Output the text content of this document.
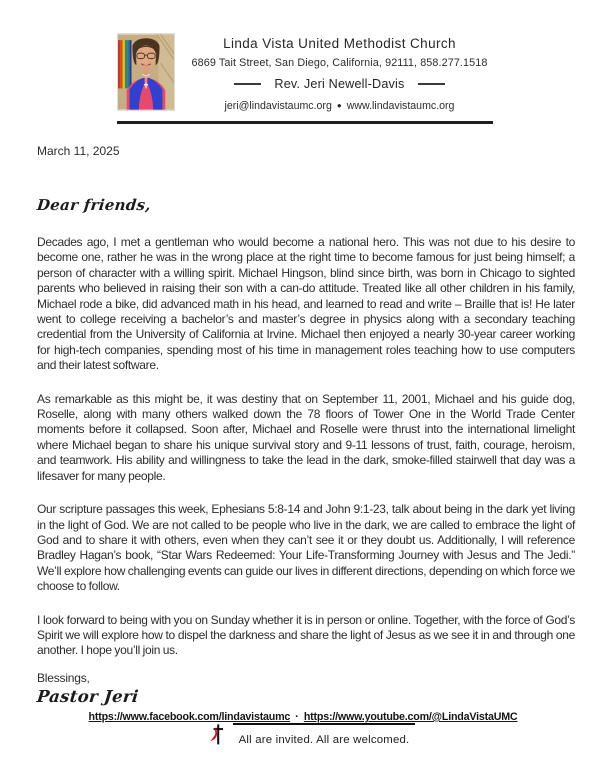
Linda Vista United Methodist Church
6869 Tait Street, San Diego, California, 92111, 858.277.1518
Rev. Jeri Newell-Davis
jeri@lindavistaumc.org ● www.lindavistaumc.org
March 11, 2025
Dear friends,

Decades ago, I met a gentleman who would become a national hero. This was not due to his desire to become one, rather he was in the wrong place at the right time to become famous for just being himself; a person of character with a willing spirit. Michael Hingson, blind since birth, was born in Chicago to sighted parents who believed in raising their son with a can-do attitude. Treated like all other children in his family, Michael rode a bike, did advanced math in his head, and learned to read and write – Braille that is! He later went to college receiving a bachelor’s and master’s degree in physics along with a secondary teaching credential from the University of California at Irvine. Michael then enjoyed a nearly 30-year career working for high-tech companies, spending most of his time in management roles teaching how to use computers and their latest software.

As remarkable as this might be, it was destiny that on September 11, 2001, Michael and his guide dog, Roselle, along with many others walked down the 78 floors of Tower One in the World Trade Center moments before it collapsed. Soon after, Michael and Roselle were thrust into the international limelight where Michael began to share his unique survival story and 9-11 lessons of trust, faith, courage, heroism, and teamwork. His ability and willingness to take the lead in the dark, smoke-filled stairwell that day was a lifesaver for many people.

Our scripture passages this week, Ephesians 5:8-14 and John 9:1-23, talk about being in the dark yet living in the light of God. We are not called to be people who live in the dark, we are called to embrace the light of God and to share it with others, even when they can’t see it or they doubt us. Additionally, I will reference Bradley Hagan’s book, “Star Wars Redeemed: Your Life-Transforming Journey with Jesus and The Jedi.” We’ll explore how challenging events can guide our lives in different directions, depending on which force we choose to follow.

I look forward to being with you on Sunday whether it is in person or online. Together, with the force of God’s Spirit we will explore how to dispel the darkness and share the light of Jesus as we see it in and through one another. I hope you’ll join us.

Blessings,
Pastor Jeri
https://www.facebook.com/lindavistaumc · https://www.youtube.com/@LindaVistaUMC
All are invited. All are welcomed.
